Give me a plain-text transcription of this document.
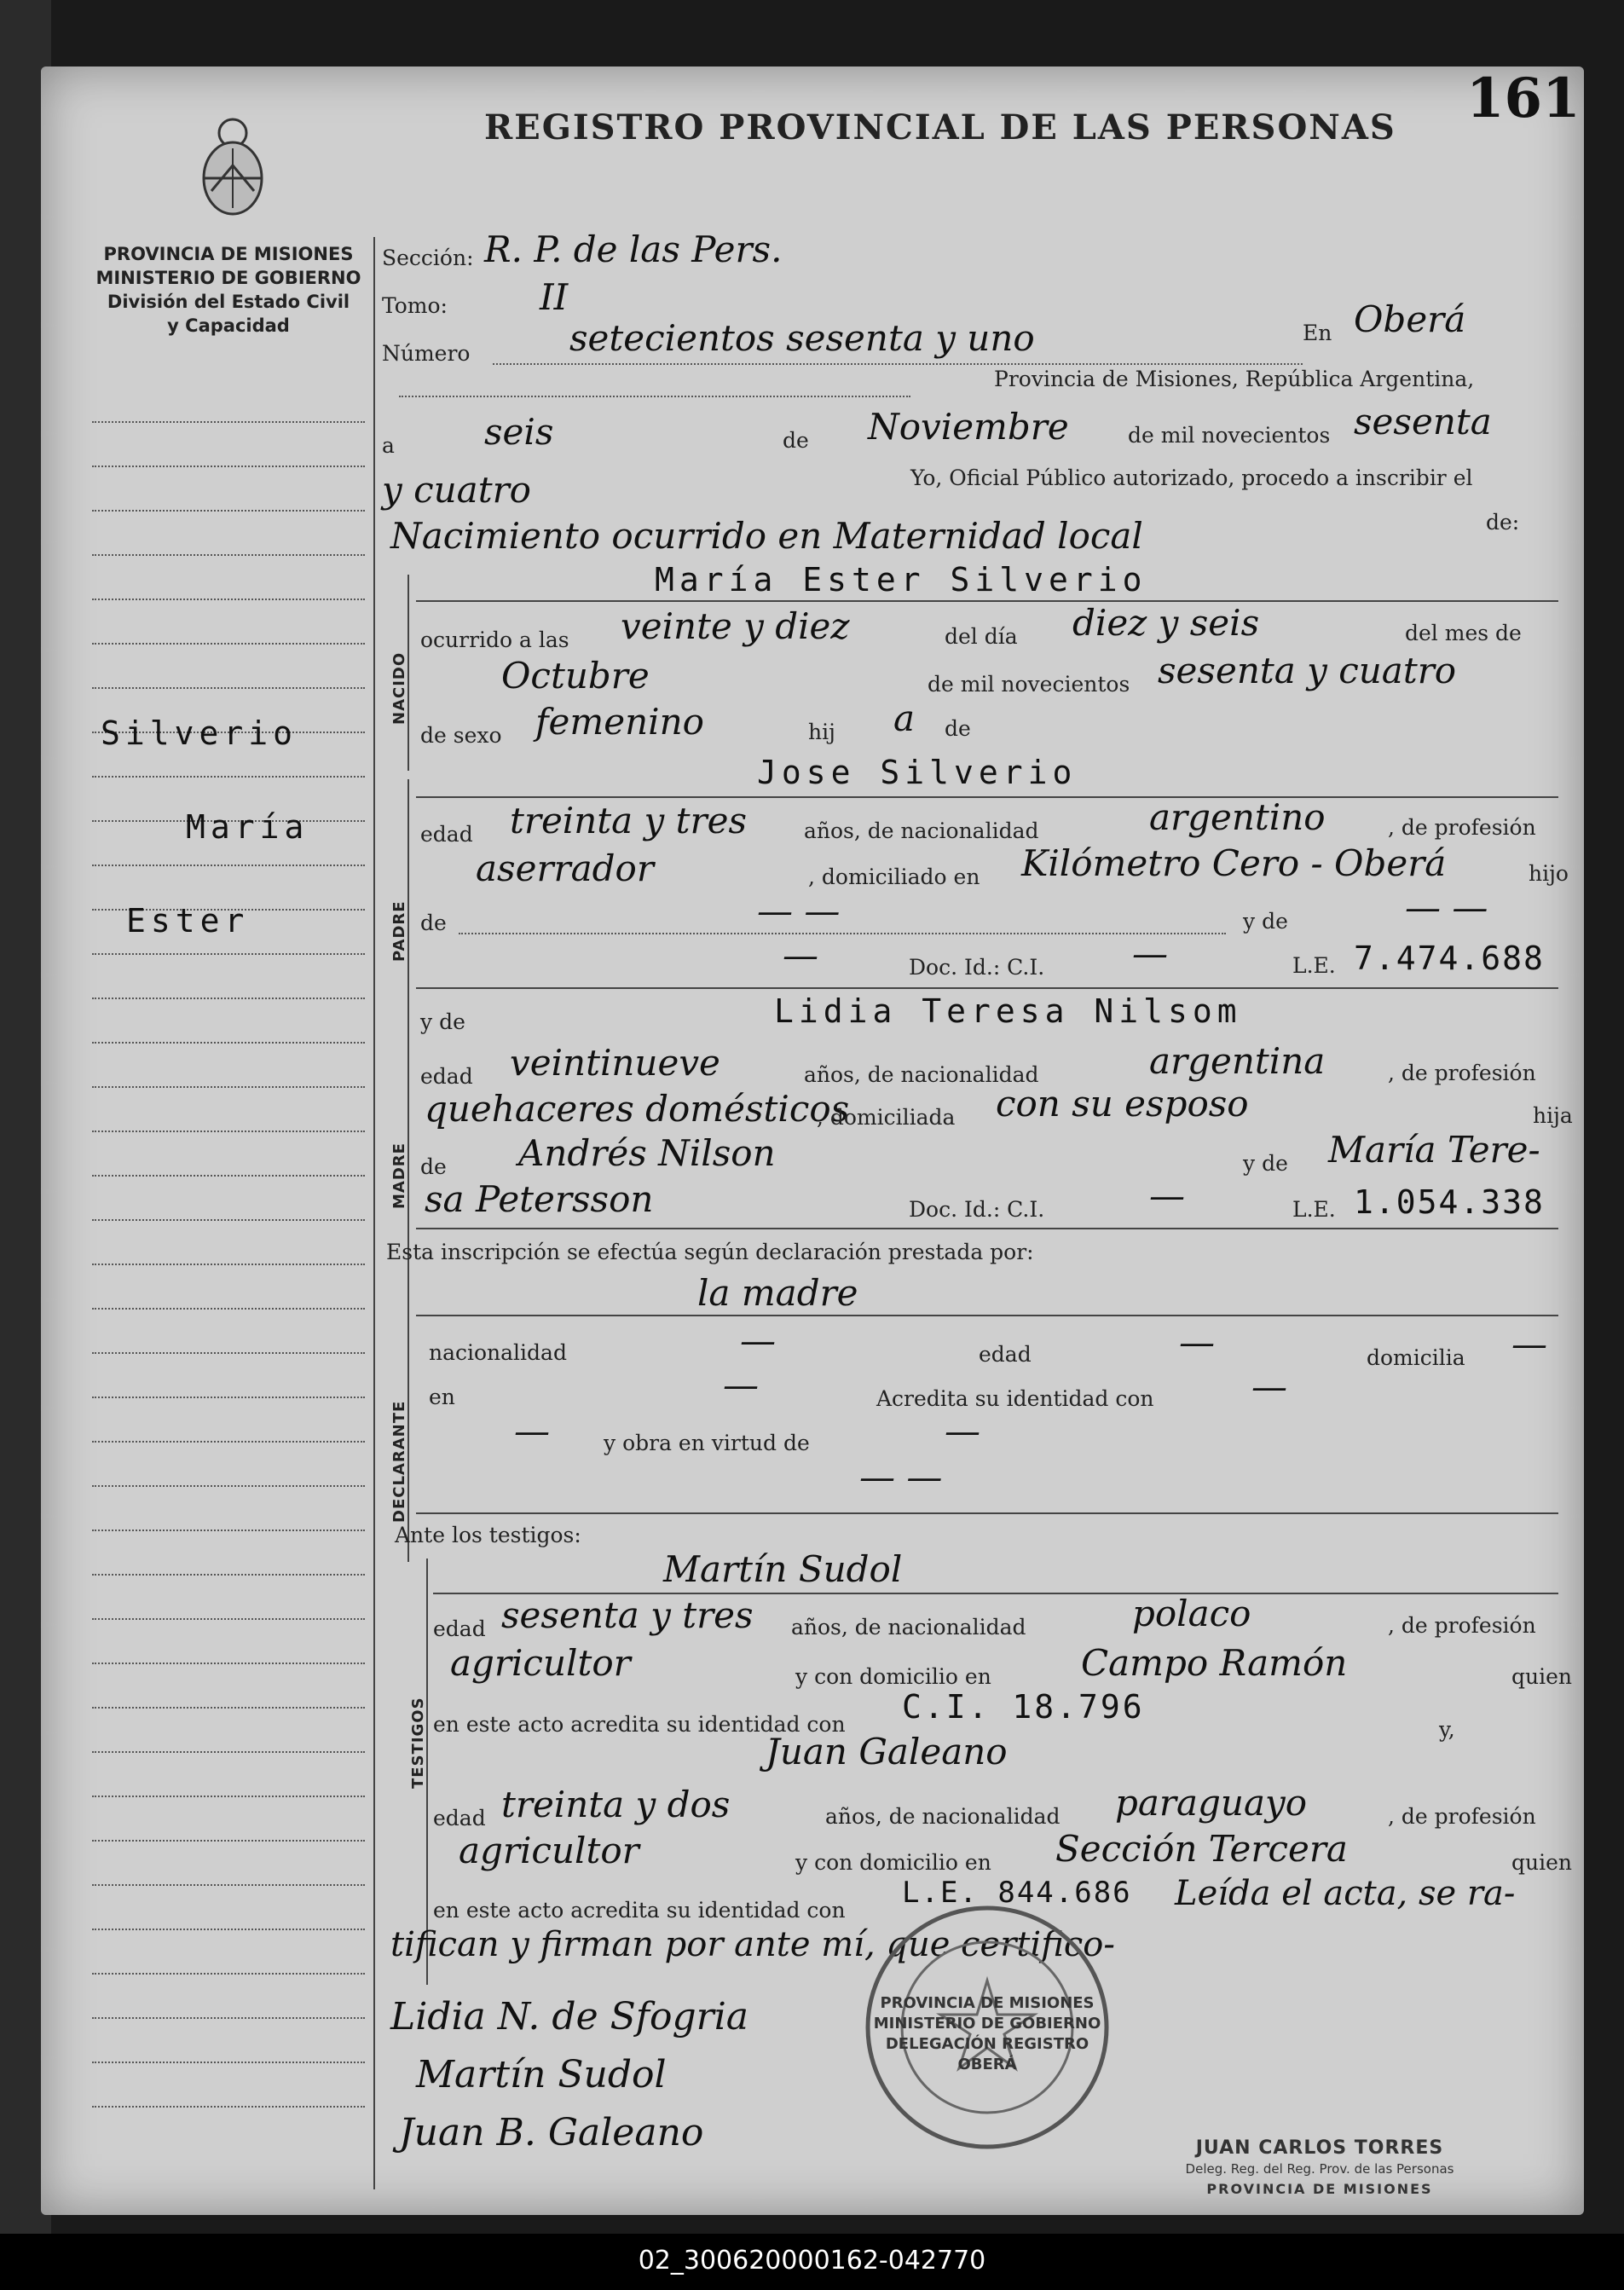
161
REGISTRO PROVINCIAL DE LAS PERSONAS
PROVINCIA DE MISIONES
MINISTERIO DE GOBIERNO
División del Estado Civil
y Capacidad
Silverio
María
Ester
Sección: R. P. de las Pers.
Tomo:	II
Número	setecientos sesenta y uno	En Oberá
Provincia de Misiones, República Argentina,
a	seis	de Noviembre	de mil novecientos sesenta
y cuatro	Yo, Oficial Público autorizado, procedo a inscribir el
Nacimiento ocurrido en Maternidad local	de:
NACIDO
María Ester Silverio
ocurrido a las veinte y diez	del día diez y seis	del mes de
Octubre	de mil novecientos sesenta y cuatro
de sexo femenino	hij a de
PADRE
Jose Silverio
edad treinta y tres	años, de nacionalidad	argentino	, de profesión
aserrador	, domiciliado en Kilómetro Cero - Oberá	hijo
de	— —	y de	— —
—	Doc. Id.: C.I. —	L.E. 7.474.688
y de	Lidia Teresa Nilsom
MADRE
edad veintinueve	años, de nacionalidad	argentina	, de profesión
quehaceres domésticos
, domiciliada con su esposo	hija
de Andrés Nilson	y de María Tere-
sa Petersson	Doc. Id.: C.I.	—	L.E. 1.054.338
Esta inscripción se efectúa según declaración prestada por:
DECLARANTE
la madre
nacionalidad	—	edad	—	domicilia —
en	—	Acredita su identidad con	—
—	y obra en virtud de	—
— —
Ante los testigos:
TESTIGOS
Martín Sudol
edad sesenta y tres años, de nacionalidad	polaco	, de profesión
agricultor	y con domicilio en	Campo Ramón	quien
en este acto acredita su identidad con C.I. 18.796
y,
Juan Galeano
edad treinta y dos	años, de nacionalidad paraguayo	, de profesión
agricultor	y con domicilio en Sección Tercera	quien
en este acto acredita su identidad con
L.E. 844.686 Leída el acta, se ra-
tifican y firman por ante mí, que certifico-
Lidia N. de Sfogria
Martín Sudol
Juan B. Galeano
PROVINCIA DE MISIONES
MINISTERIO DE GOBIERNO
DELEGACIÓN REGISTRO
OBERÁ
JUAN CARLOS TORRES
Deleg. Reg. del Reg. Prov. de las Personas
PROVINCIA DE MISIONES
02_300620000162-042770
